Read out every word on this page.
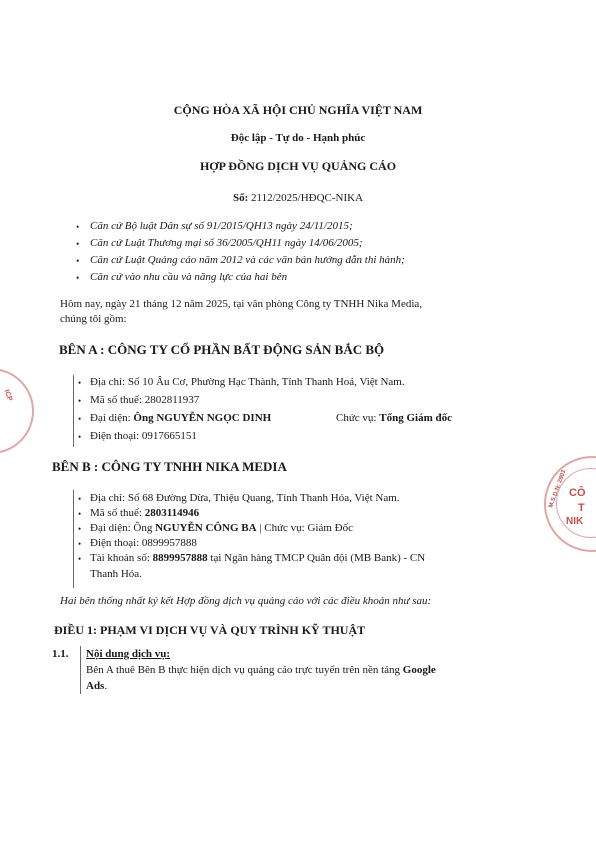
ICP
M.S.D.N: 2803 CÔ
T
NIK
CỘNG HÒA XÃ HỘI CHỦ NGHĨA VIỆT NAM
Độc lập - Tự do - Hạnh phúc
HỢP ĐỒNG DỊCH VỤ QUẢNG CÁO
Số: 2112/2025/HĐQC-NIKA
• Căn cứ Bộ luật Dân sự số 91/2015/QH13 ngày 24/11/2015;
• Căn cứ Luật Thương mại số 36/2005/QH11 ngày 14/06/2005;
• Căn cứ Luật Quảng cáo năm 2012 và các văn bản hướng dẫn thi hành;
• Căn cứ vào nhu cầu và năng lực của hai bên
Hôm nay, ngày 21 tháng 12 năm 2025, tại văn phòng Công ty TNHH Nika Media,
chúng tôi gồm:
BÊN A : CÔNG TY CỔ PHẦN BẤT ĐỘNG SẢN BẮC BỘ
• Địa chỉ: Số 10 Âu Cơ, Phường Hạc Thành, Tỉnh Thanh Hoá, Việt Nam.
• Mã số thuế: 2802811937
• Đại diện: Ông NGUYỄN NGỌC DINH	Chức vụ: Tổng Giám đốc
• Điện thoại: 0917665151
BÊN B : CÔNG TY TNHH NIKA MEDIA
• Địa chỉ: Số 68 Đường Dừa, Thiệu Quang, Tỉnh Thanh Hóa, Việt Nam.
• Mã số thuế: 2803114946
• Đại diện: Ông NGUYỄN CÔNG BA | Chức vụ: Giám Đốc
• Điện thoại: 0899957888
• Tài khoản số: 8899957888 tại Ngân hàng TMCP Quân đội (MB Bank) - CN
Thanh Hóa.
Hai bên thống nhất ký kết Hợp đồng dịch vụ quảng cáo với các điều khoản như sau:
ĐIỀU 1: PHẠM VI DỊCH VỤ VÀ QUY TRÌNH KỸ THUẬT
1.1. Nội dung dịch vụ:
Bên A thuê Bên B thực hiện dịch vụ quảng cáo trực tuyến trên nền tảng Google
Ads.
